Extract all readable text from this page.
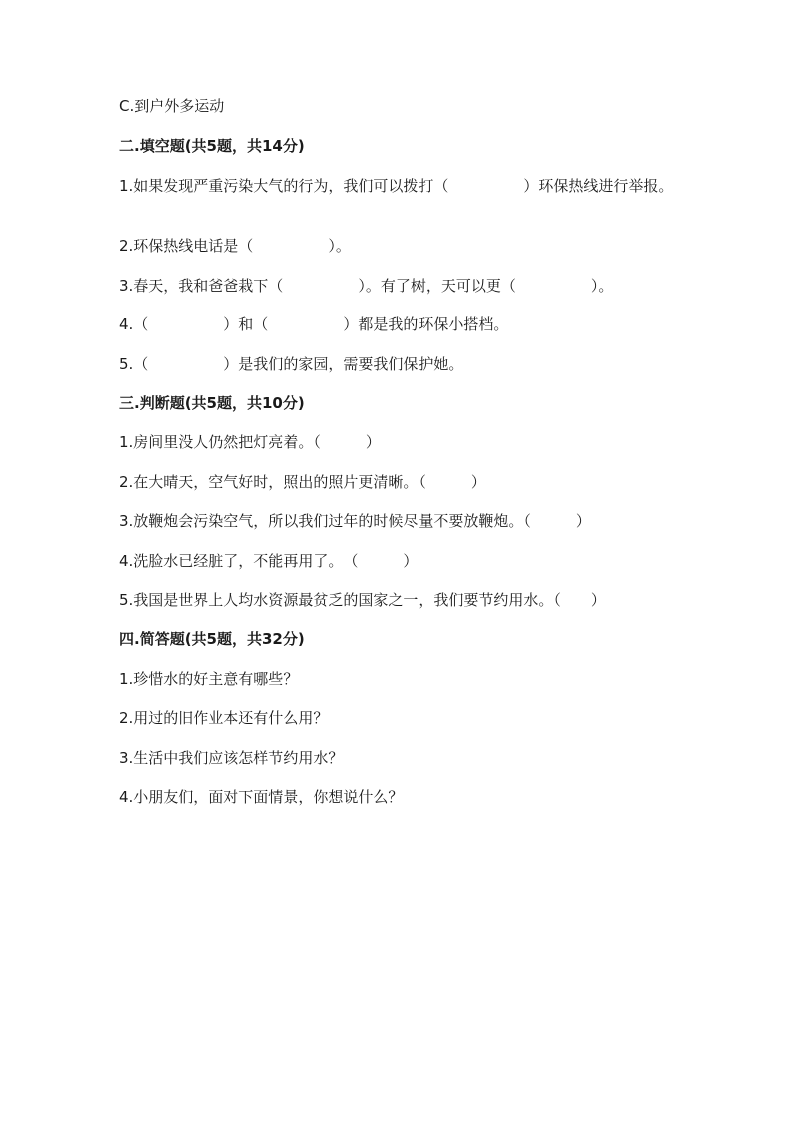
C.到户外多运动
二.填空题(共5题，共14分)
1.如果发现严重污染大气的行为，我们可以拨打（　　　　　）环保热线进行举报。
2.环保热线电话是（　　　　　）。
3.春天，我和爸爸栽下（　　　　　）。有了树，天可以更（　　　　　）。
4.（　　　　　）和（　　　　　）都是我的环保小搭档。
5.（　　　　　）是我们的家园，需要我们保护她。
三.判断题(共5题，共10分)
1.房间里没人仍然把灯亮着。（　　　）
2.在大晴天，空气好时，照出的照片更清晰。（　　　）
3.放鞭炮会污染空气，所以我们过年的时候尽量不要放鞭炮。（　　　）
4.洗脸水已经脏了，不能再用了。　（　　　）
5.我国是世界上人均水资源最贫乏的国家之一，我们要节约用水。（　　）
四.简答题(共5题，共32分)
1.珍惜水的好主意有哪些？
2.用过的旧作业本还有什么用？
3.生活中我们应该怎样节约用水？
4.小朋友们，面对下面情景，你想说什么？
